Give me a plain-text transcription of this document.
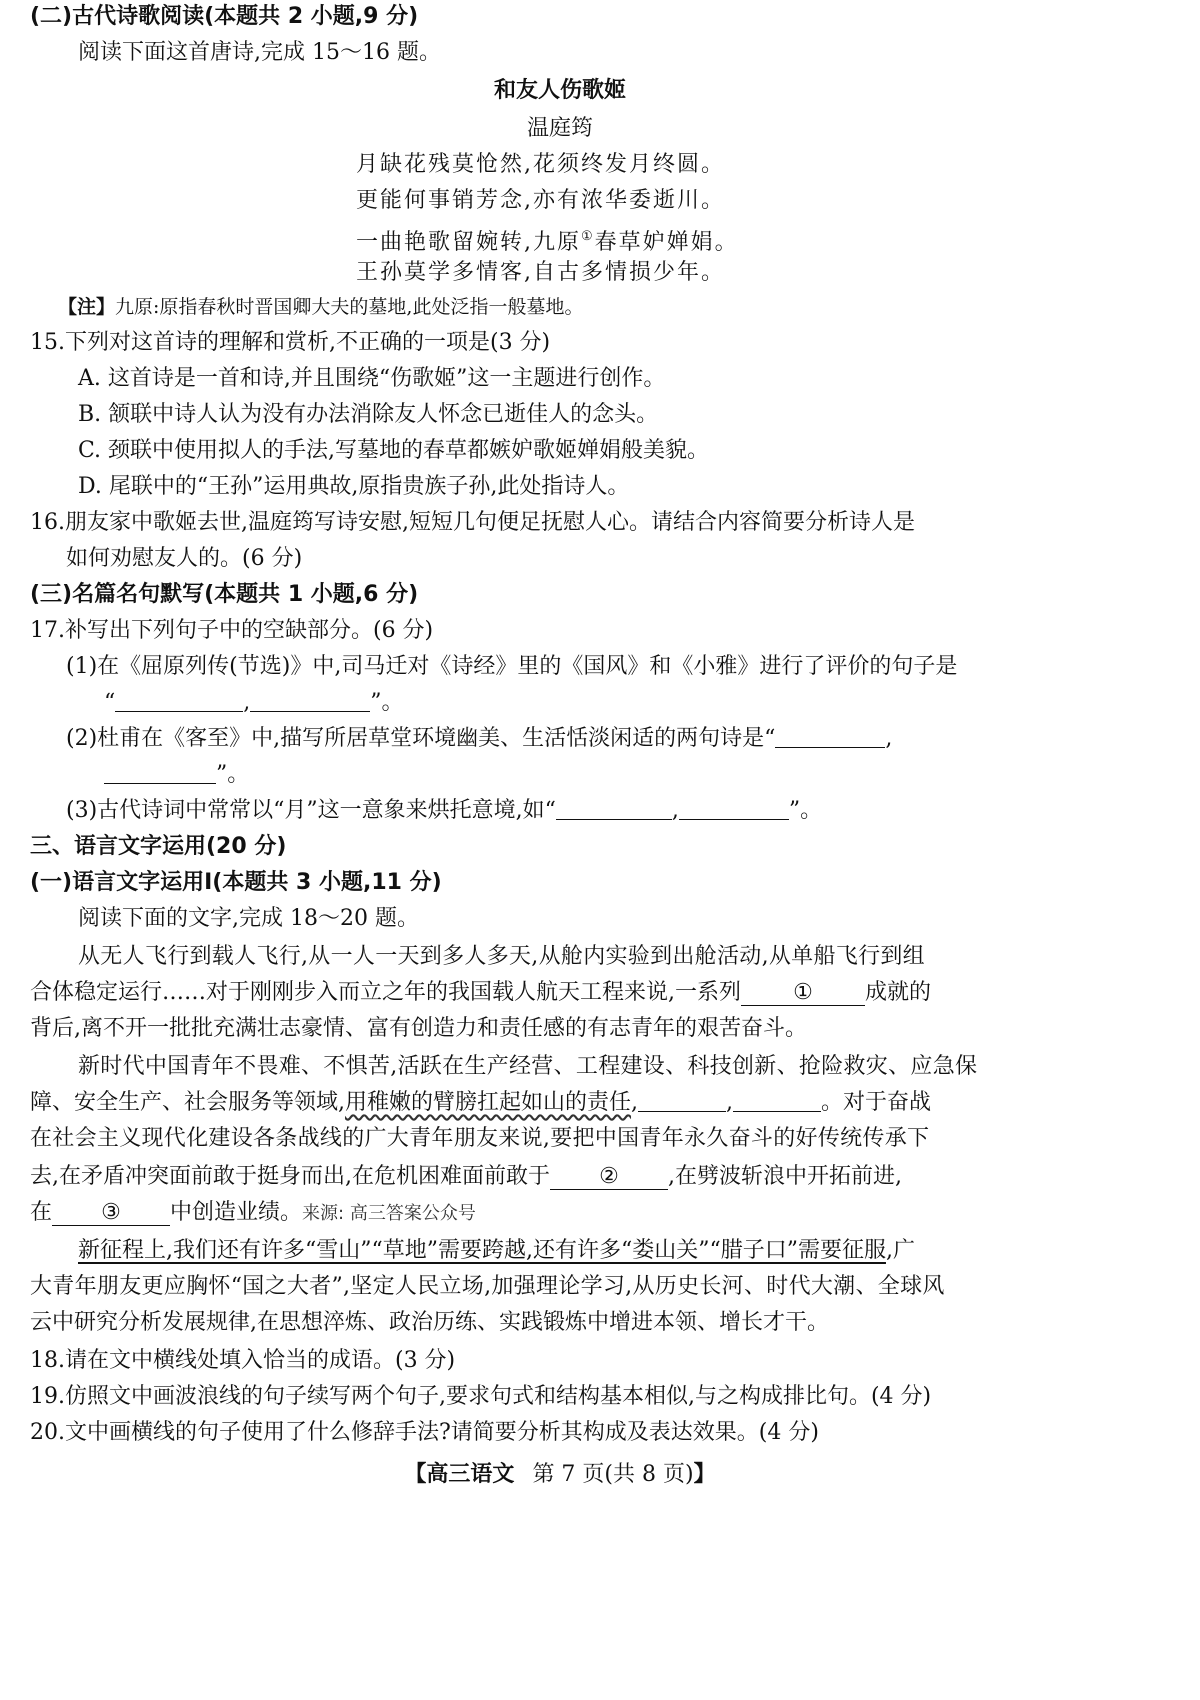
(二)古代诗歌阅读(本题共 2 小题,9 分)
阅读下面这首唐诗,完成 15～16 题。
和友人伤歌姬
温庭筠
月缺花残莫怆然,花须终发月终圆。
更能何事销芳念,亦有浓华委逝川。
一曲艳歌留婉转,九原①春草妒婵娟。
王孙莫学多情客,自古多情损少年。
【注】九原:原指春秋时晋国卿大夫的墓地,此处泛指一般墓地。
15.下列对这首诗的理解和赏析,不正确的一项是(3 分)
A. 这首诗是一首和诗,并且围绕“伤歌姬”这一主题进行创作。
B. 颔联中诗人认为没有办法消除友人怀念已逝佳人的念头。
C. 颈联中使用拟人的手法,写墓地的春草都嫉妒歌姬婵娟般美貌。
D. 尾联中的“王孙”运用典故,原指贵族子孙,此处指诗人。
16.朋友家中歌姬去世,温庭筠写诗安慰,短短几句便足抚慰人心。请结合内容简要分析诗人是
如何劝慰友人的。(6 分)
(三)名篇名句默写(本题共 1 小题,6 分)
17.补写出下列句子中的空缺部分。(6 分)
(1)在《屈原列传(节选)》中,司马迁对《诗经》里的《国风》和《小雅》进行了评价的句子是
“	,	”。
(2)杜甫在《客至》中,描写所居草堂环境幽美、生活恬淡闲适的两句诗是“	,
”。
(3)古代诗词中常常以“月”这一意象来烘托意境,如“	,	”。
三、语言文字运用(20 分)
(一)语言文字运用Ⅰ(本题共 3 小题,11 分)
阅读下面的文字,完成 18～20 题。
从无人飞行到载人飞行,从一人一天到多人多天,从舱内实验到出舱活动,从单船飞行到组
合体稳定运行……对于刚刚步入而立之年的我国载人航天工程来说,一系列 ① 成就的
背后,离不开一批批充满壮志豪情、富有创造力和责任感的有志青年的艰苦奋斗。
新时代中国青年不畏难、不惧苦,活跃在生产经营、工程建设、科技创新、抢险救灾、应急保
障、安全生产、社会服务等领域,用稚嫩的臂膀扛起如山的责任,	,	。对于奋战
在社会主义现代化建设各条战线的广大青年朋友来说,要把中国青年永久奋斗的好传统传承下
去,在矛盾冲突面前敢于挺身而出,在危机困难面前敢于 ② ,在劈波斩浪中开拓前进,
在 ③ 中创造业绩。来源: 高三答案公众号
新征程上,我们还有许多“雪山”“草地”需要跨越,还有许多“娄山关”“腊子口”需要征服,广
大青年朋友更应胸怀“国之大者”,坚定人民立场,加强理论学习,从历史长河、时代大潮、全球风
云中研究分析发展规律,在思想淬炼、政治历练、实践锻炼中增进本领、增长才干。
18.请在文中横线处填入恰当的成语。(3 分)
19.仿照文中画波浪线的句子续写两个句子,要求句式和结构基本相似,与之构成排比句。(4 分)
20.文中画横线的句子使用了什么修辞手法?请简要分析其构成及表达效果。(4 分)
【高三语文 第 7 页(共 8 页)】
